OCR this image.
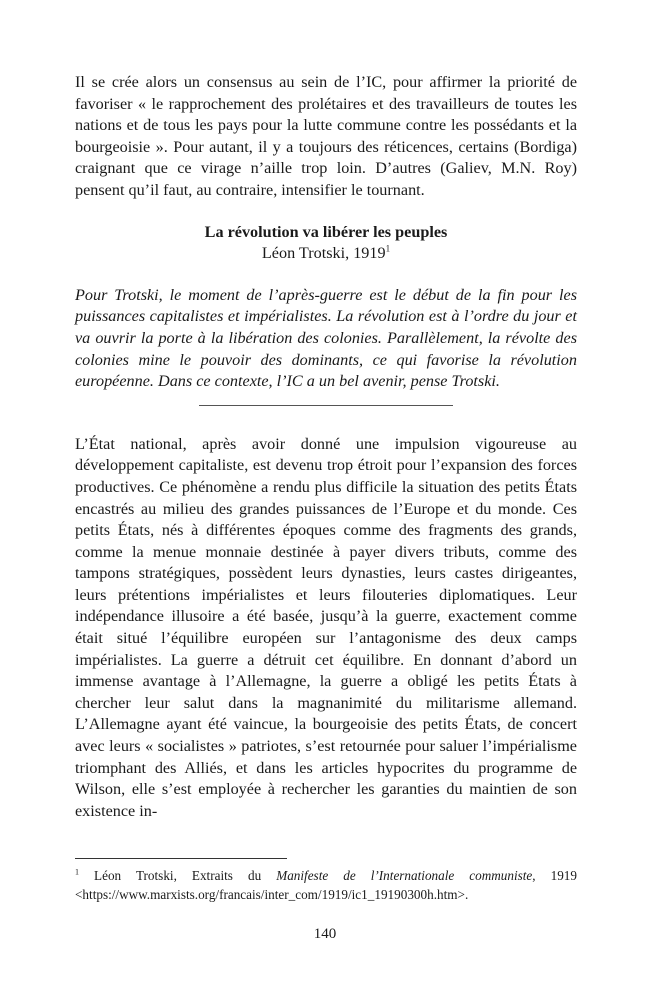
Il se crée alors un consensus au sein de l’IC, pour affirmer la priorité de favoriser « le rapprochement des prolétaires et des travailleurs de toutes les nations et de tous les pays pour la lutte commune contre les possédants et la bourgeoisie ». Pour autant, il y a toujours des réticences, certains (Bordiga) craignant que ce virage n’aille trop loin. D’autres (Galiev, M.N. Roy) pensent qu’il faut, au contraire, intensifier le tournant.

La révolution va libérer les peuples
Léon Trotski, 1919$^1$

Pour Trotski, le moment de l’après-guerre est le début de la fin pour les puissances capitalistes et impérialistes. La révolution est à l’ordre du jour et va ouvrir la porte à la libération des colonies. Parallèlement, la révolte des colonies mine le pouvoir des dominants, ce qui favorise la révolution européenne. Dans ce contexte, l’IC a un bel avenir, pense Trotski.

L’État national, après avoir donné une impulsion vigoureuse au développement capitaliste, est devenu trop étroit pour l’expansion des forces productives. Ce phénomène a rendu plus difficile la situation des petits États encastrés au milieu des grandes puissances de l’Europe et du monde. Ces petits États, nés à différentes époques comme des fragments des grands, comme la menue monnaie destinée à payer divers tributs, comme des tampons stratégiques, possèdent leurs dynasties, leurs castes dirigeantes, leurs prétentions impérialistes et leurs filouteries diplomatiques. Leur indépendance illusoire a été basée, jusqu’à la guerre, exactement comme était situé l’équilibre européen sur l’antagonisme des deux camps impérialistes. La guerre a détruit cet équilibre. En donnant d’abord un immense avantage à l’Allemagne, la guerre a obligé les petits États à chercher leur salut dans la magnanimité du militarisme allemand. L’Allemagne ayant été vaincue, la bourgeoisie des petits États, de concert avec leurs « socialistes » patriotes, s’est retournée pour saluer l’impérialisme triomphant des Alliés, et dans les articles hypocrites du programme de Wilson, elle s’est employée à rechercher les garanties du maintien de son existence in-

$^1$ Léon Trotski, Extraits du Manifeste de l’Internationale communiste, 1919 <https://www.marxists.org/francais/inter_com/1919/ic1_19190300h.htm>.

140
